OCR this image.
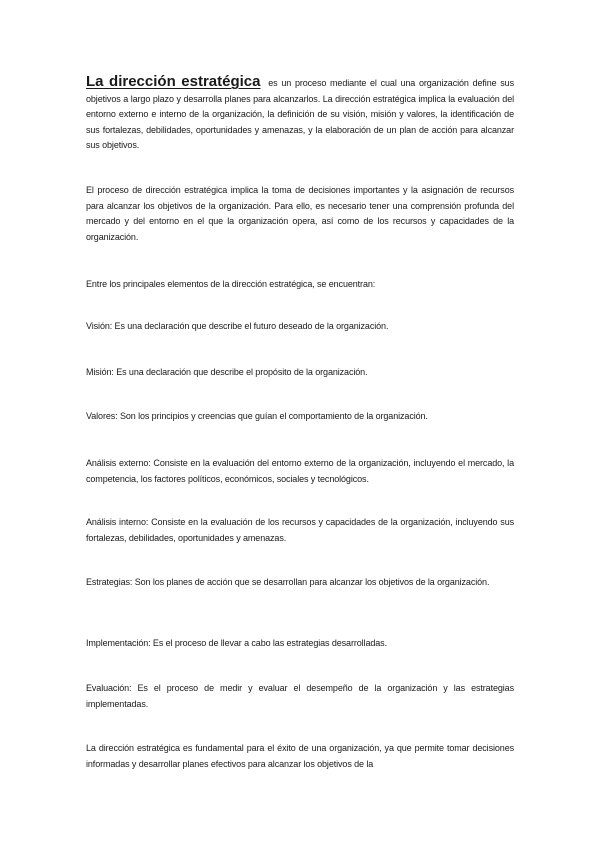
La dirección estratégica es un proceso mediante el cual una organización define sus objetivos a largo plazo y desarrolla planes para alcanzarlos. La dirección estratégica implica la evaluación del entorno externo e interno de la organización, la definición de su visión, misión y valores, la identificación de sus fortalezas, debilidades, oportunidades y amenazas, y la elaboración de un plan de acción para alcanzar sus objetivos.

El proceso de dirección estratégica implica la toma de decisiones importantes y la asignación de recursos para alcanzar los objetivos de la organización. Para ello, es necesario tener una comprensión profunda del mercado y del entorno en el que la organización opera, así como de los recursos y capacidades de la organización.

Entre los principales elementos de la dirección estratégica, se encuentran:

Visión: Es una declaración que describe el futuro deseado de la organización.

Misión: Es una declaración que describe el propósito de la organización.

Valores: Son los principios y creencias que guían el comportamiento de la organización.

Análisis externo: Consiste en la evaluación del entorno externo de la organización, incluyendo el mercado, la competencia, los factores políticos, económicos, sociales y tecnológicos.

Análisis interno: Consiste en la evaluación de los recursos y capacidades de la organización, incluyendo sus fortalezas, debilidades, oportunidades y amenazas.

Estrategias: Son los planes de acción que se desarrollan para alcanzar los objetivos de la organización.

Implementación: Es el proceso de llevar a cabo las estrategias desarrolladas.

Evaluación: Es el proceso de medir y evaluar el desempeño de la organización y las estrategias implementadas.

La dirección estratégica es fundamental para el éxito de una organización, ya que permite tomar decisiones informadas y desarrollar planes efectivos para alcanzar los objetivos de la
